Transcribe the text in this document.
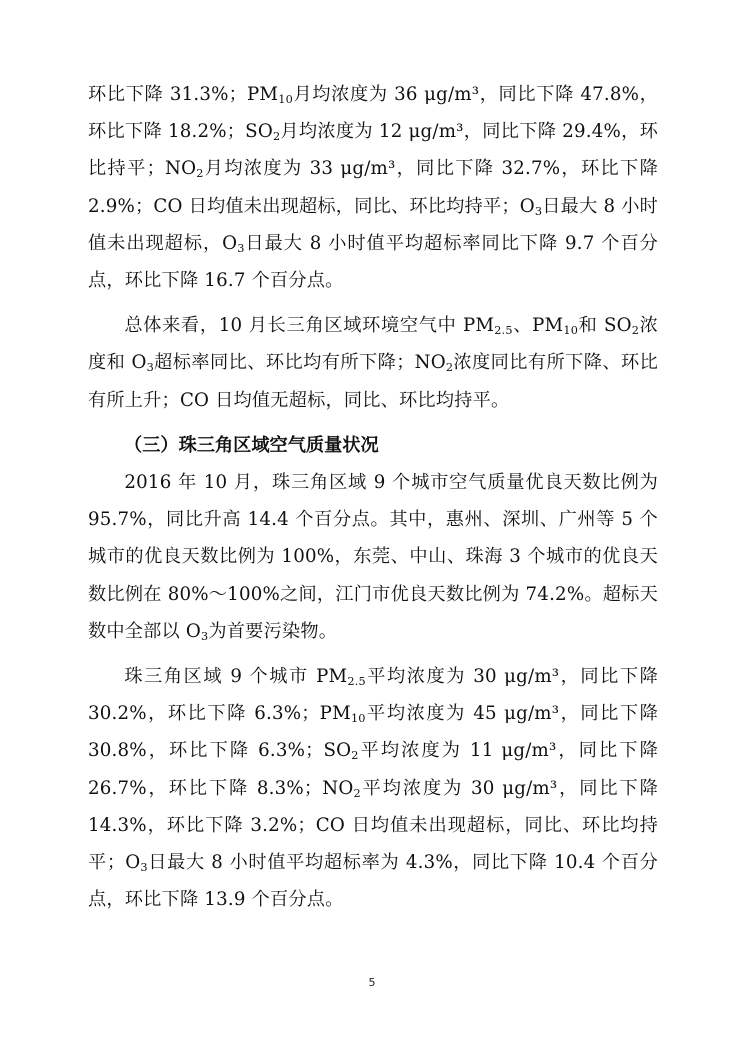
环比下降 31.3%；$PM_{10}$月均浓度为 36 μg/m³，同比下降 47.8%，环比下降 18.2%；$SO_2$月均浓度为 12 μg/m³，同比下降 29.4%，环比持平；$NO_2$月均浓度为 33 μg/m³，同比下降 32.7%，环比下降 2.9%；CO 日均值未出现超标，同比、环比均持平；$O_3$日最大 8 小时值未出现超标，$O_3$日最大 8 小时值平均超标率同比下降 9.7 个百分点，环比下降 16.7 个百分点。

总体来看，10 月长三角区域环境空气中 $PM_{2.5}$、$PM_{10}$和 $SO_2$浓度和 $O_3$超标率同比、环比均有所下降；$NO_2$浓度同比有所下降、环比有所上升；CO 日均值无超标，同比、环比均持平。

（三）珠三角区域空气质量状况

2016 年 10 月，珠三角区域 9 个城市空气质量优良天数比例为 95.7%，同比升高 14.4 个百分点。其中，惠州、深圳、广州等 5 个城市的优良天数比例为 100%，东莞、中山、珠海 3 个城市的优良天数比例在 80%～100%之间，江门市优良天数比例为 74.2%。超标天数中全部以 $O_3$为首要污染物。

珠三角区域 9 个城市 $PM_{2.5}$平均浓度为 30 μg/m³，同比下降 30.2%，环比下降 6.3%；$PM_{10}$平均浓度为 45 μg/m³，同比下降 30.8%，环比下降 6.3%；$SO_2$平均浓度为 11 μg/m³，同比下降 26.7%，环比下降 8.3%；$NO_2$平均浓度为 30 μg/m³，同比下降 14.3%，环比下降 3.2%；CO 日均值未出现超标，同比、环比均持平；$O_3$日最大 8 小时值平均超标率为 4.3%，同比下降 10.4 个百分点，环比下降 13.9 个百分点。

5
